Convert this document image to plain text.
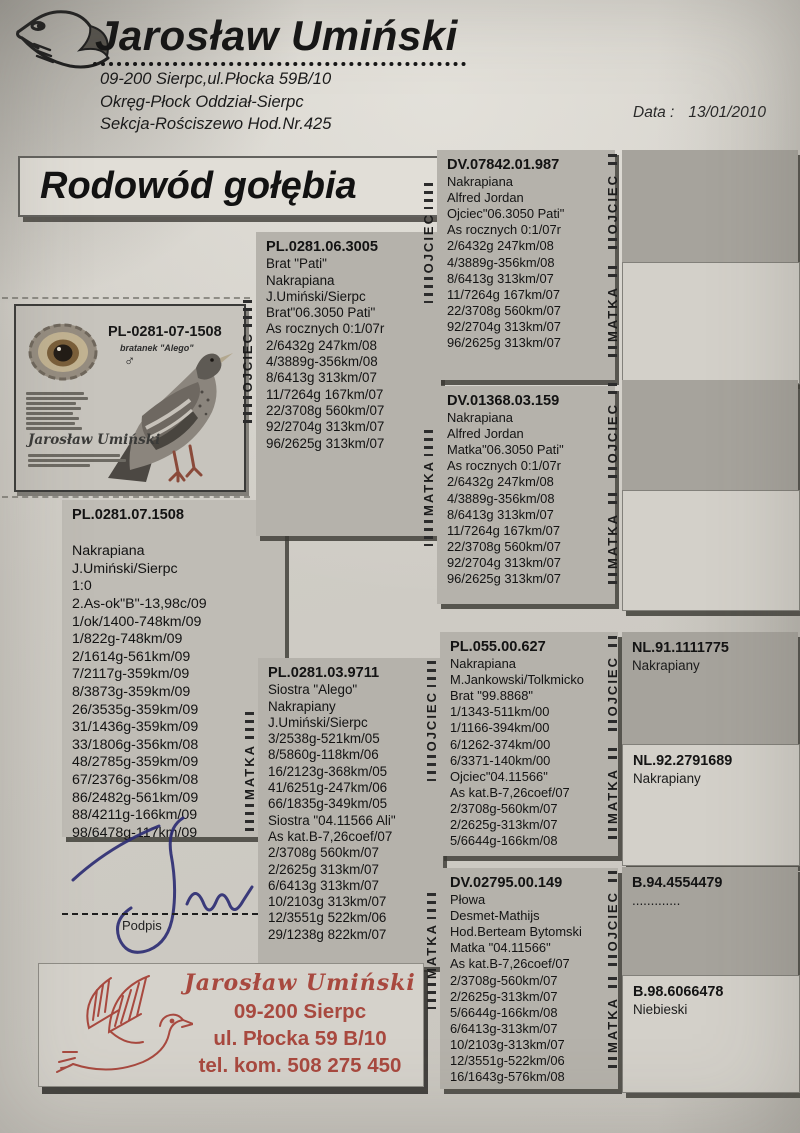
Jarosław Umiński
09-200 Sierpc,ul.Płocka 59B/10
Okręg-Płock Oddział-Sierpc
Sekcja-Rościszewo Hod.Nr.425
Data : 13/01/2010
Rodowód gołębia
PL-0281-07-1508
bratanek "Alego"
♂
Jarosław Umiński
PL.0281.07.1508

Nakrapiana
J.Umiński/Sierpc
1:0
2.As-ok"B"-13,98c/09
1/ok/1400-748km/09
1/822g-748km/09
2/1614g-561km/09
7/2117g-359km/09
8/3873g-359km/09
26/3535g-359km/09
31/1436g-359km/09
33/1806g-356km/08
48/2785g-359km/09
67/2376g-356km/08
86/2482g-561km/09
88/4211g-166km/09
98/6478g-117km/09
PL.0281.06.3005
Brat "Pati"
Nakrapiana
J.Umiński/Sierpc
Brat"06.3050 Pati"
As rocznych 0:1/07r
2/6432g 247km/08
4/3889g-356km/08
8/6413g 313km/07
11/7264g 167km/07
22/3708g 560km/07
92/2704g 313km/07
96/2625g 313km/07
PL.0281.03.9711
Siostra "Alego"
Nakrapiany
J.Umiński/Sierpc
3/2538g-521km/05
8/5860g-118km/06
16/2123g-368km/05
41/6251g-247km/06
66/1835g-349km/05
Siostra "04.11566 Ali"
As kat.B-7,26coef/07
2/3708g 560km/07
2/2625g 313km/07
6/6413g 313km/07
10/2103g 313km/07
12/3551g 522km/06
29/1238g 822km/07
DV.07842.01.987
Nakrapiana
Alfred Jordan
Ojciec"06.3050 Pati"
As rocznych 0:1/07r
2/6432g 247km/08
4/3889g-356km/08
8/6413g 313km/07
11/7264g 167km/07
22/3708g 560km/07
92/2704g 313km/07
96/2625g 313km/07
DV.01368.03.159
Nakrapiana
Alfred Jordan
Matka"06.3050 Pati"
As rocznych 0:1/07r
2/6432g 247km/08
4/3889g-356km/08
8/6413g 313km/07
11/7264g 167km/07
22/3708g 560km/07
92/2704g 313km/07
96/2625g 313km/07
PL.055.00.627
Nakrapiana
M.Jankowski/Tolkmicko
Brat "99.8868"
1/1343-511km/00
1/1166-394km/00
6/1262-374km/00
6/3371-140km/00
Ojciec"04.11566"
As kat.B-7,26coef/07
2/3708g-560km/07
2/2625g-313km/07
5/6644g-166km/08
DV.02795.00.149
Płowa
Desmet-Mathijs
Hod.Berteam Bytomski
Matka "04.11566"
As kat.B-7,26coef/07
2/3708g-560km/07
2/2625g-313km/07
5/6644g-166km/08
6/6413g-313km/07
10/2103g-313km/07
12/3551g-522km/06
16/1643g-576km/08
NL.91.1111775
Nakrapiany
NL.92.2791689
Nakrapiany
B.94.4554479
.............
B.98.6066478
Niebieski
OJCIEC
MATKA
OJCIEC
MATKA
OJCIEC
MATKA
OJCIEC
MATKA
OJCIEC
MATKA
OJCIEC
MATKA
OJCIEC
MATKA
Podpis
Jarosław Umiński
09-200 Sierpc
ul. Płocka 59 B/10
tel. kom. 508 275 450
